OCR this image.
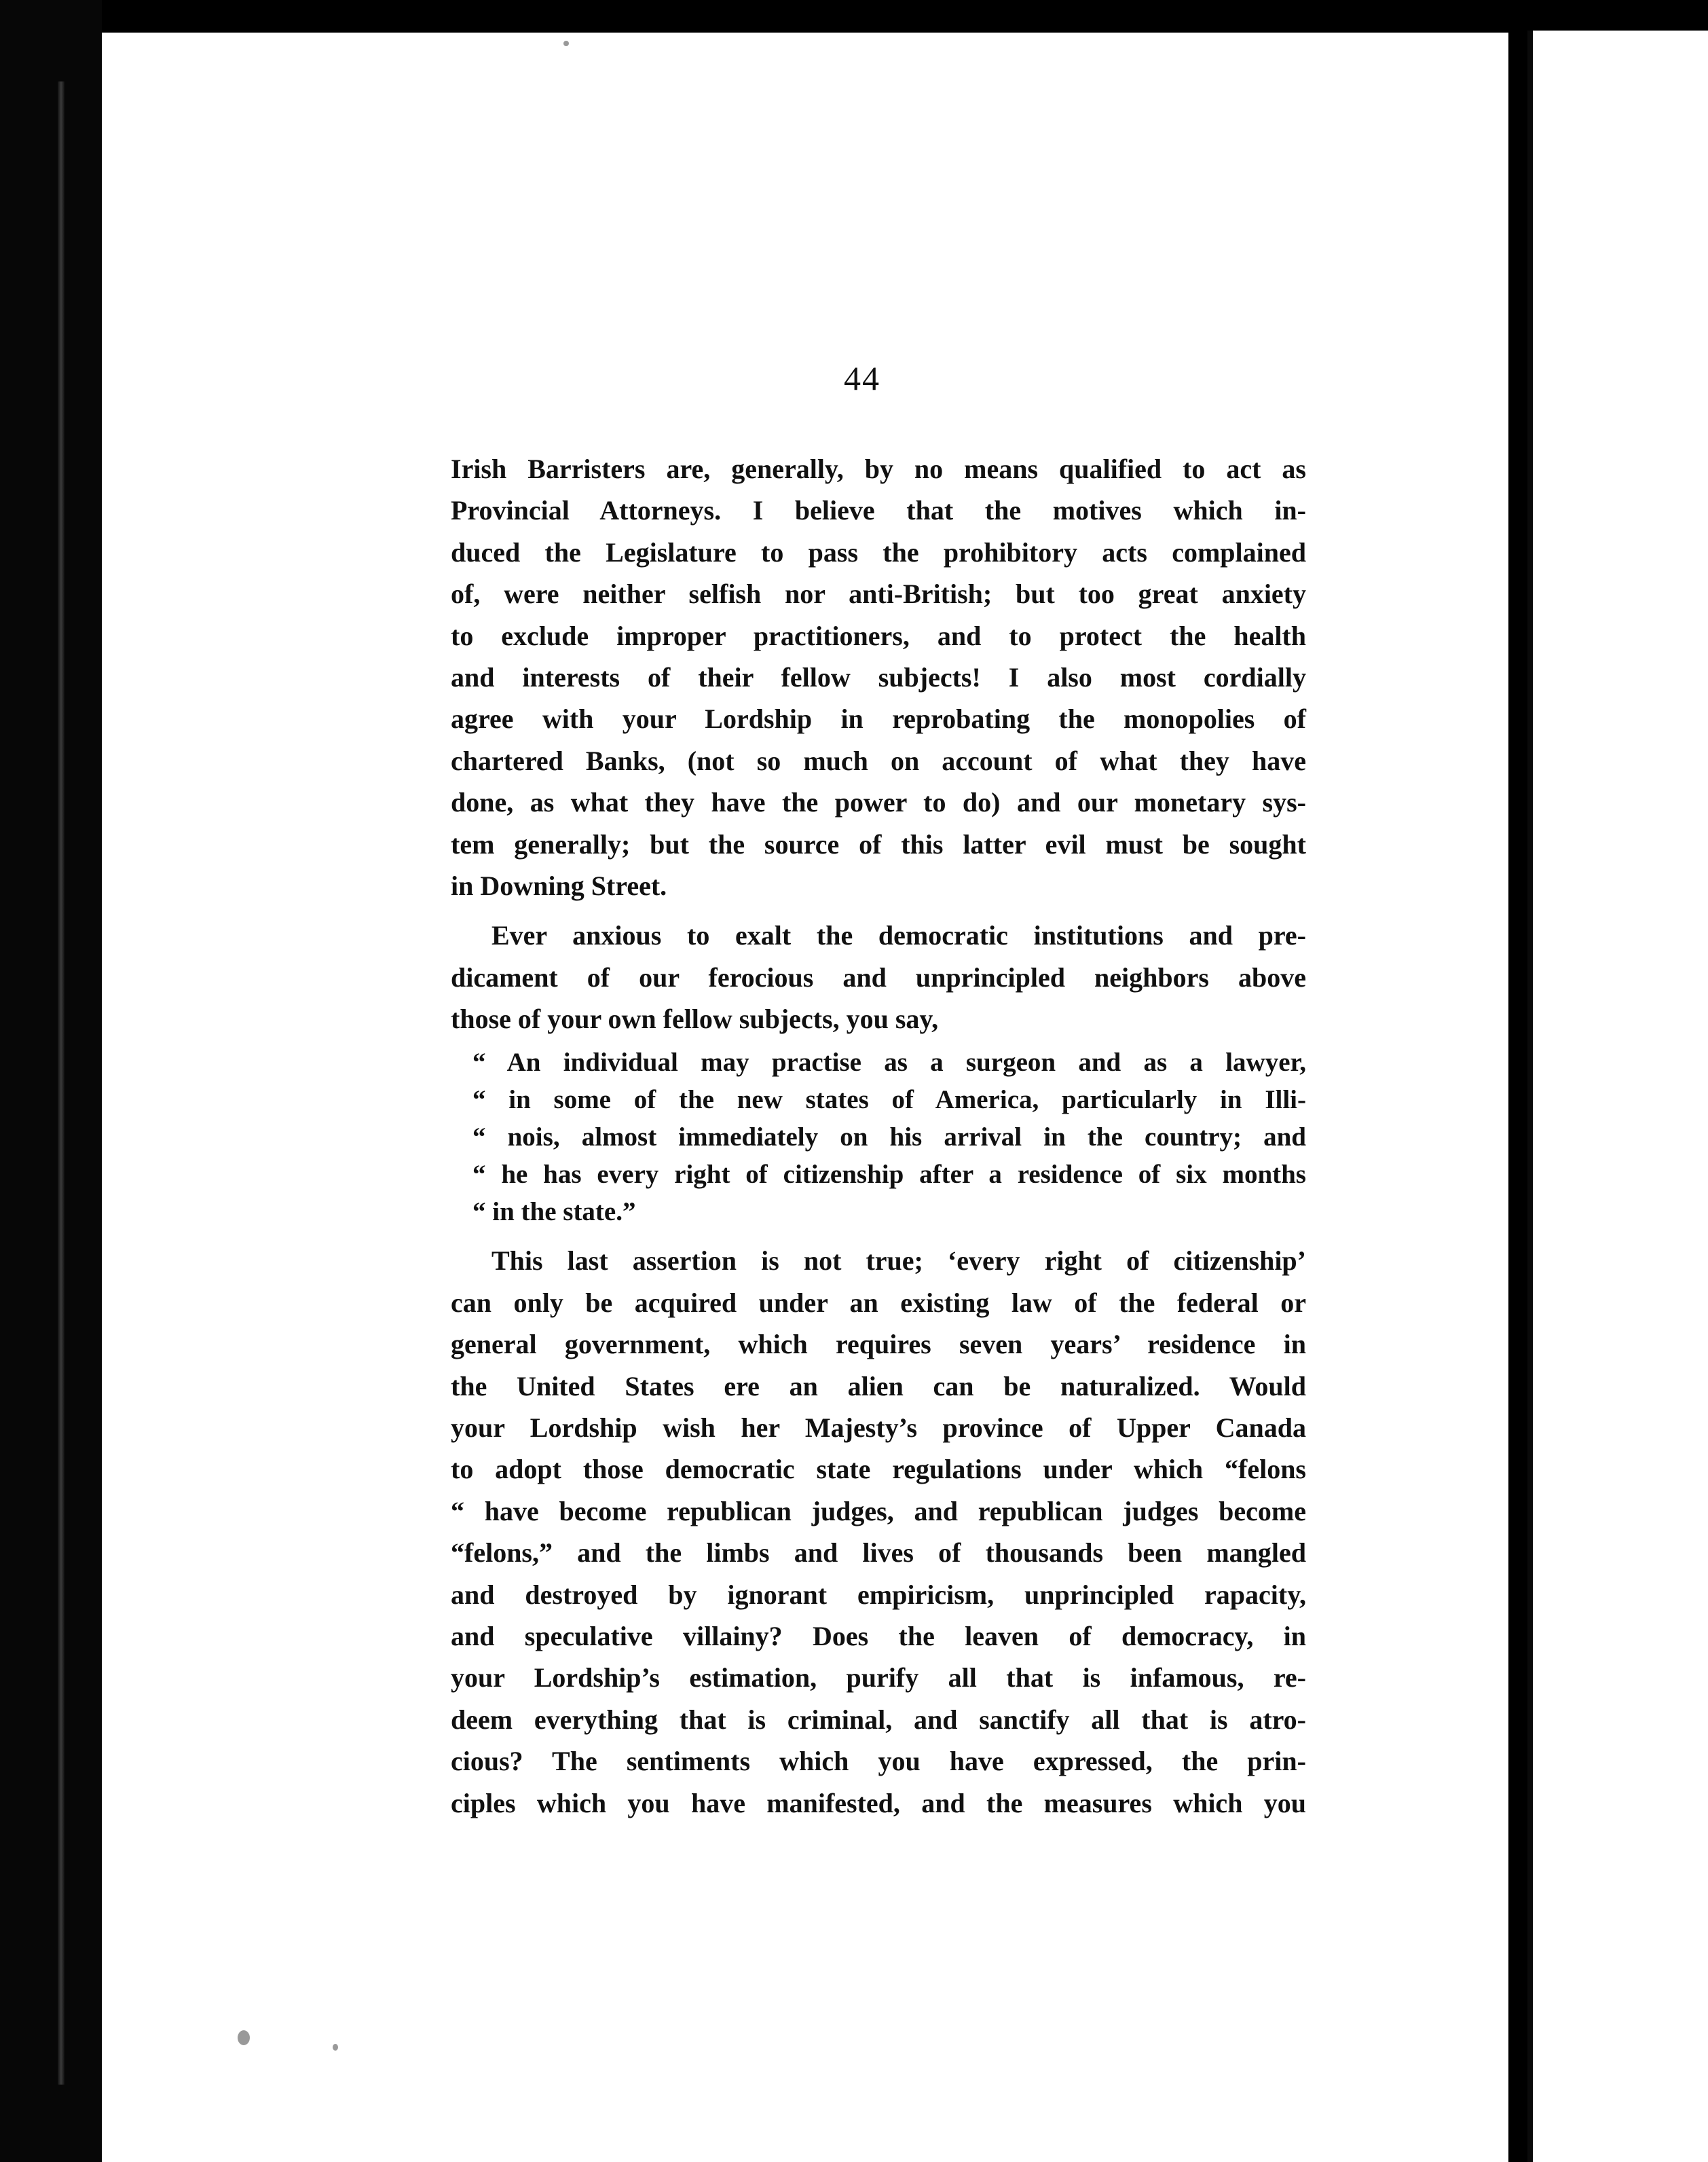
44
Irish Barristers are, generally, by no means qualified to act as
Provincial Attorneys. I believe that the motives which in-
duced the Legislature to pass the prohibitory acts complained
of, were neither selfish nor anti-British; but too great anxiety
to exclude improper practitioners, and to protect the health
and interests of their fellow subjects! I also most cordially
agree with your Lordship in reprobating the monopolies of
chartered Banks, (not so much on account of what they have
done, as what they have the power to do) and our monetary sys-
tem generally; but the source of this latter evil must be sought
in Downing Street.
Ever anxious to exalt the democratic institutions and pre-
dicament of our ferocious and unprincipled neighbors above
those of your own fellow subjects, you say,
“ An individual may practise as a surgeon and as a lawyer,
“ in some of the new states of America, particularly in Illi-
“ nois, almost immediately on his arrival in the country; and
“ he has every right of citizenship after a residence of six months
“ in the state.”
This last assertion is not true; ‘every right of citizenship’
can only be acquired under an existing law of the federal or
general government, which requires seven years’ residence in
the United States ere an alien can be naturalized. Would
your Lordship wish her Majesty’s province of Upper Canada
to adopt those democratic state regulations under which “felons
“ have become republican judges, and republican judges become
“felons,” and the limbs and lives of thousands been mangled
and destroyed by ignorant empiricism, unprincipled rapacity,
and speculative villainy? Does the leaven of democracy, in
your Lordship’s estimation, purify all that is infamous, re-
deem everything that is criminal, and sanctify all that is atro-
cious? The sentiments which you have expressed, the prin-
ciples which you have manifested, and the measures which you
